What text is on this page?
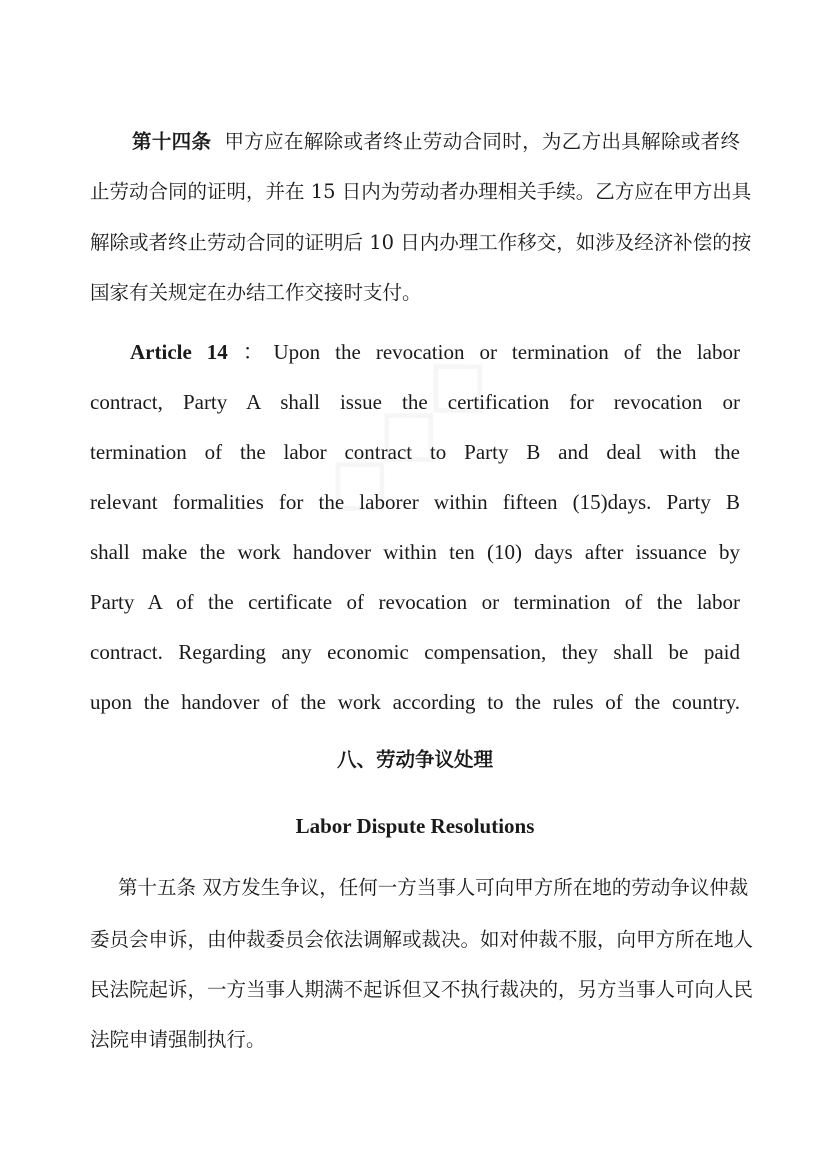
第十四条 甲方应在解除或者终止劳动合同时，为乙方出具解除或者终
止劳动合同的证明，并在 15 日内为劳动者办理相关手续。乙方应在甲方出具
解除或者终止劳动合同的证明后 10 日内办理工作移交，如涉及经济补偿的按
国家有关规定在办结工作交接时支付。
Article 14 ：Upon the revocation or termination of the labor
contract, Party A shall issue the certification for revocation or
termination of the labor contract to Party B and deal with the
relevant formalities for the laborer within fifteen (15)days. Party B
shall make the work handover within ten (10) days after issuance by
Party A of the certificate of revocation or termination of the labor
contract. Regarding any economic compensation, they shall be paid
upon the handover of the work according to the rules of the country.
八、劳动争议处理
Labor Dispute Resolutions
第十五条 双方发生争议，任何一方当事人可向甲方所在地的劳动争议仲裁
委员会申诉，由仲裁委员会依法调解或裁决。如对仲裁不服，向甲方所在地人
民法院起诉，一方当事人期满不起诉但又不执行裁决的，另方当事人可向人民
法院申请强制执行。
